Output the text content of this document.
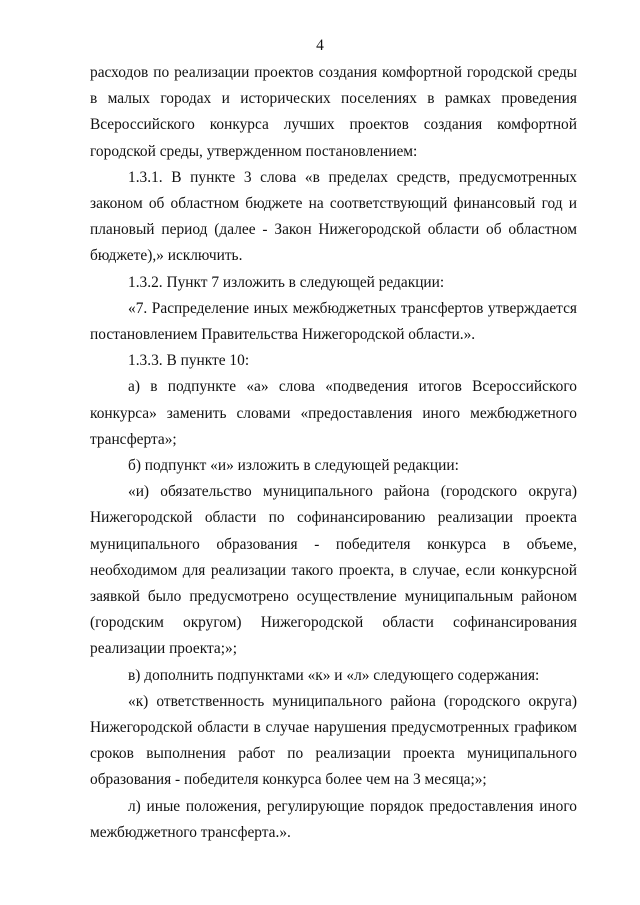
4

расходов по реализации проектов создания комфортной городской среды в малых городах и исторических поселениях в рамках проведения Всероссийского конкурса лучших проектов создания комфортной городской среды, утвержденном постановлением:

1.3.1. В пункте 3 слова «в пределах средств, предусмотренных законом об областном бюджете на соответствующий финансовый год и плановый период (далее - Закон Нижегородской области об областном бюджете),» исключить.

1.3.2. Пункт 7 изложить в следующей редакции:

«7. Распределение иных межбюджетных трансфертов утверждается постановлением Правительства Нижегородской области.».

1.3.3. В пункте 10:

а) в подпункте «а» слова «подведения итогов Всероссийского конкурса» заменить словами «предоставления иного межбюджетного трансферта»;

б) подпункт «и» изложить в следующей редакции:

«и) обязательство муниципального района (городского округа) Нижегородской области по софинансированию реализации проекта муниципального образования - победителя конкурса в объеме, необходимом для реализации такого проекта, в случае, если конкурсной заявкой было предусмотрено осуществление муниципальным районом (городским округом) Нижегородской области софинансирования реализации проекта;»;

в) дополнить подпунктами «к» и «л» следующего содержания:

«к) ответственность муниципального района (городского округа) Нижегородской области в случае нарушения предусмотренных графиком сроков выполнения работ по реализации проекта муниципального образования - победителя конкурса более чем на 3 месяца;»;

л) иные положения, регулирующие порядок предоставления иного межбюджетного трансферта.».
